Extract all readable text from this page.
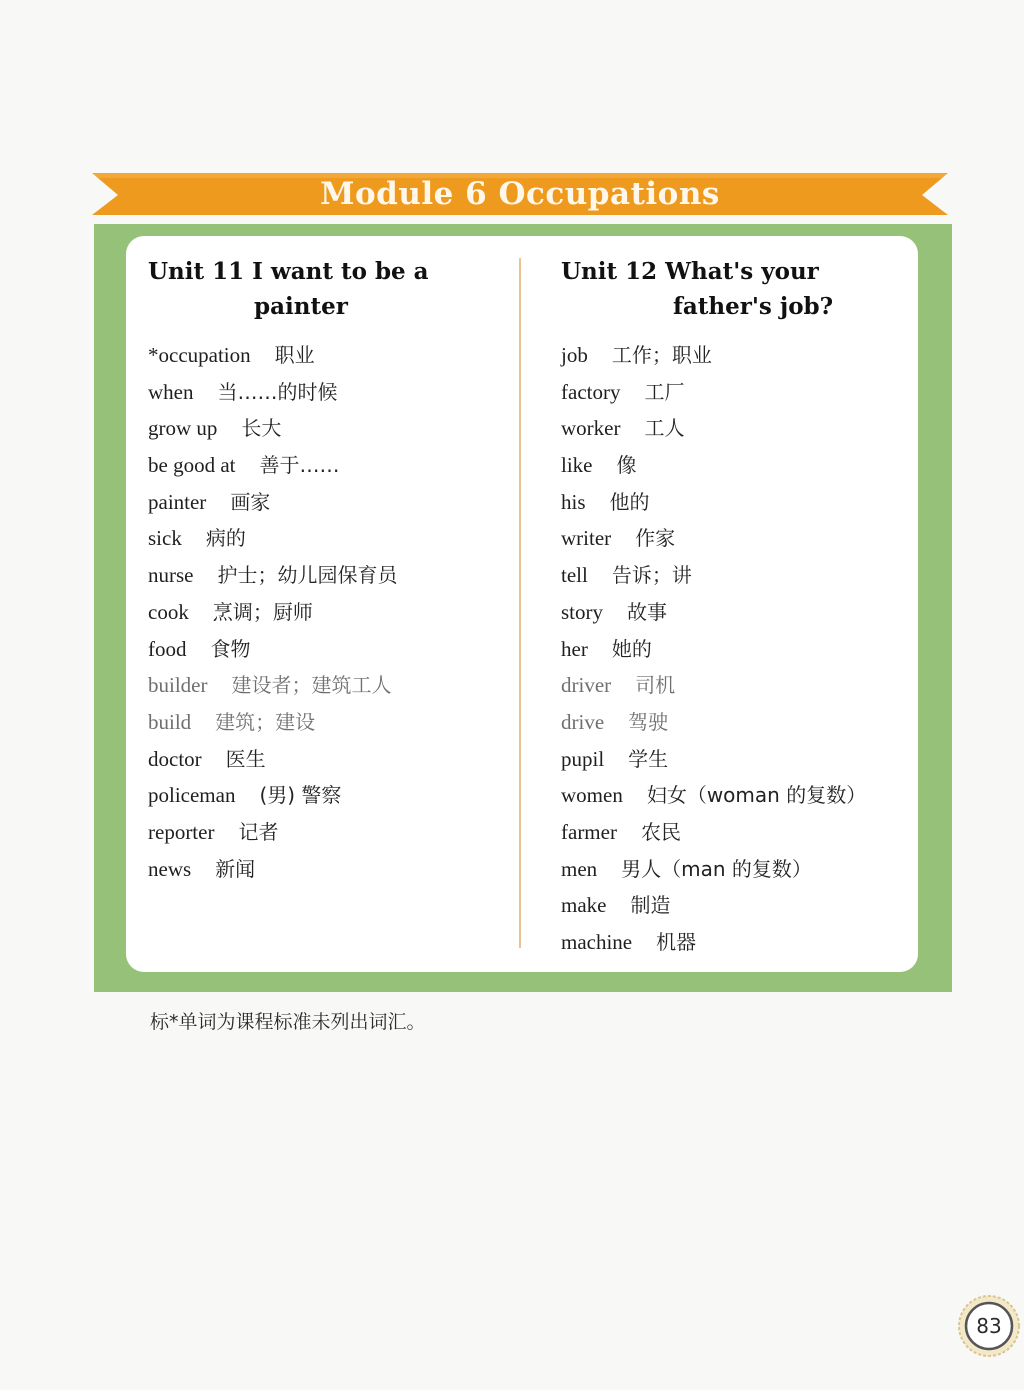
Module 6 Occupations
Unit 11 I want to be a
painter
*occupation 职业
when 当……的时候
grow up 长大
be good at 善于……
painter 画家
sick 病的
nurse 护士；幼儿园保育员
cook 烹调；厨师
food 食物
builder 建设者；建筑工人
build 建筑；建设
doctor 医生
policeman (男) 警察
reporter 记者
news 新闻
Unit 12 What's your
father's job?
job 工作；职业
factory 工厂
worker 工人
like 像
his 他的
writer 作家
tell 告诉；讲
story 故事
her 她的
driver 司机
drive 驾驶
pupil 学生
women 妇女（woman 的复数）
farmer 农民
men 男人（man 的复数）
make 制造
machine 机器
标*单词为课程标准未列出词汇。
83
